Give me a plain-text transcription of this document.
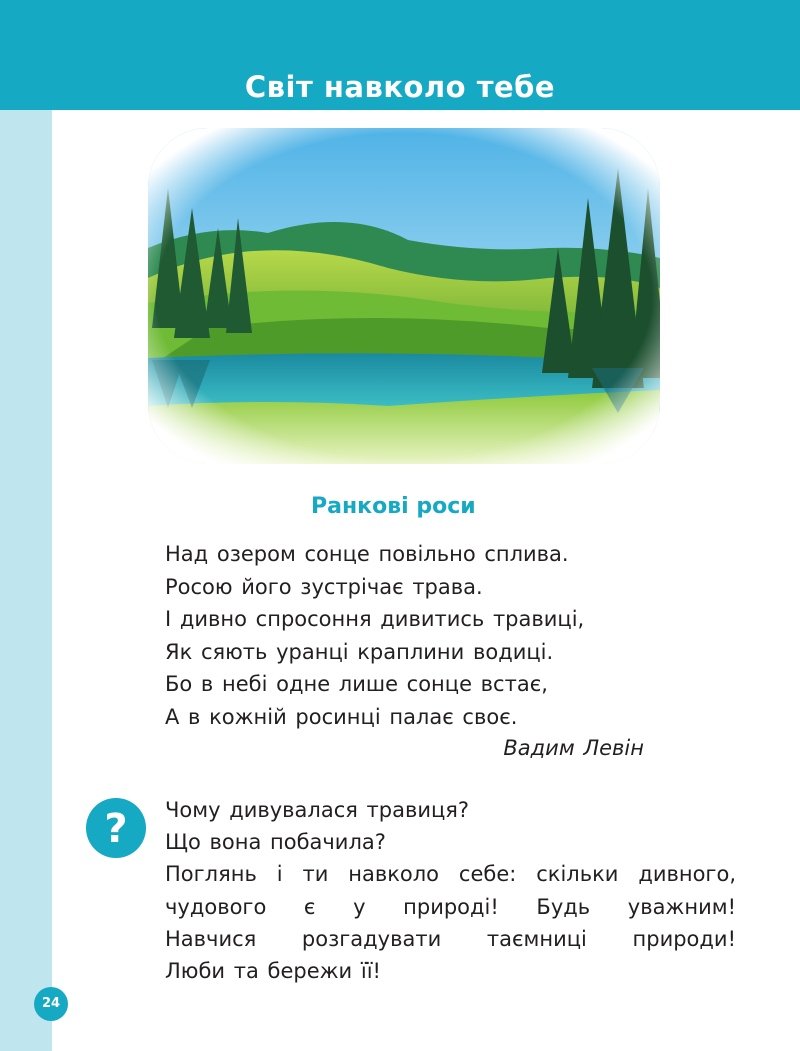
Світ навколо тебе
Ранкові роси
Над озером сонце повільно сплива.
Росою його зустрічає трава.
І дивно спросоння дивитись травиці,
Як сяють уранці краплини водиці.
Бо в небі одне лише сонце встає,
А в кожній росинці палає своє.
Вадим Левін
? Чому дивувалася травиця?
Що вона побачила?
Поглянь і ти навколо себе: скільки дивного,
чудового є у природі! Будь уважним!
Навчися розгадувати таємниці природи!
Люби та бережи її!
24
